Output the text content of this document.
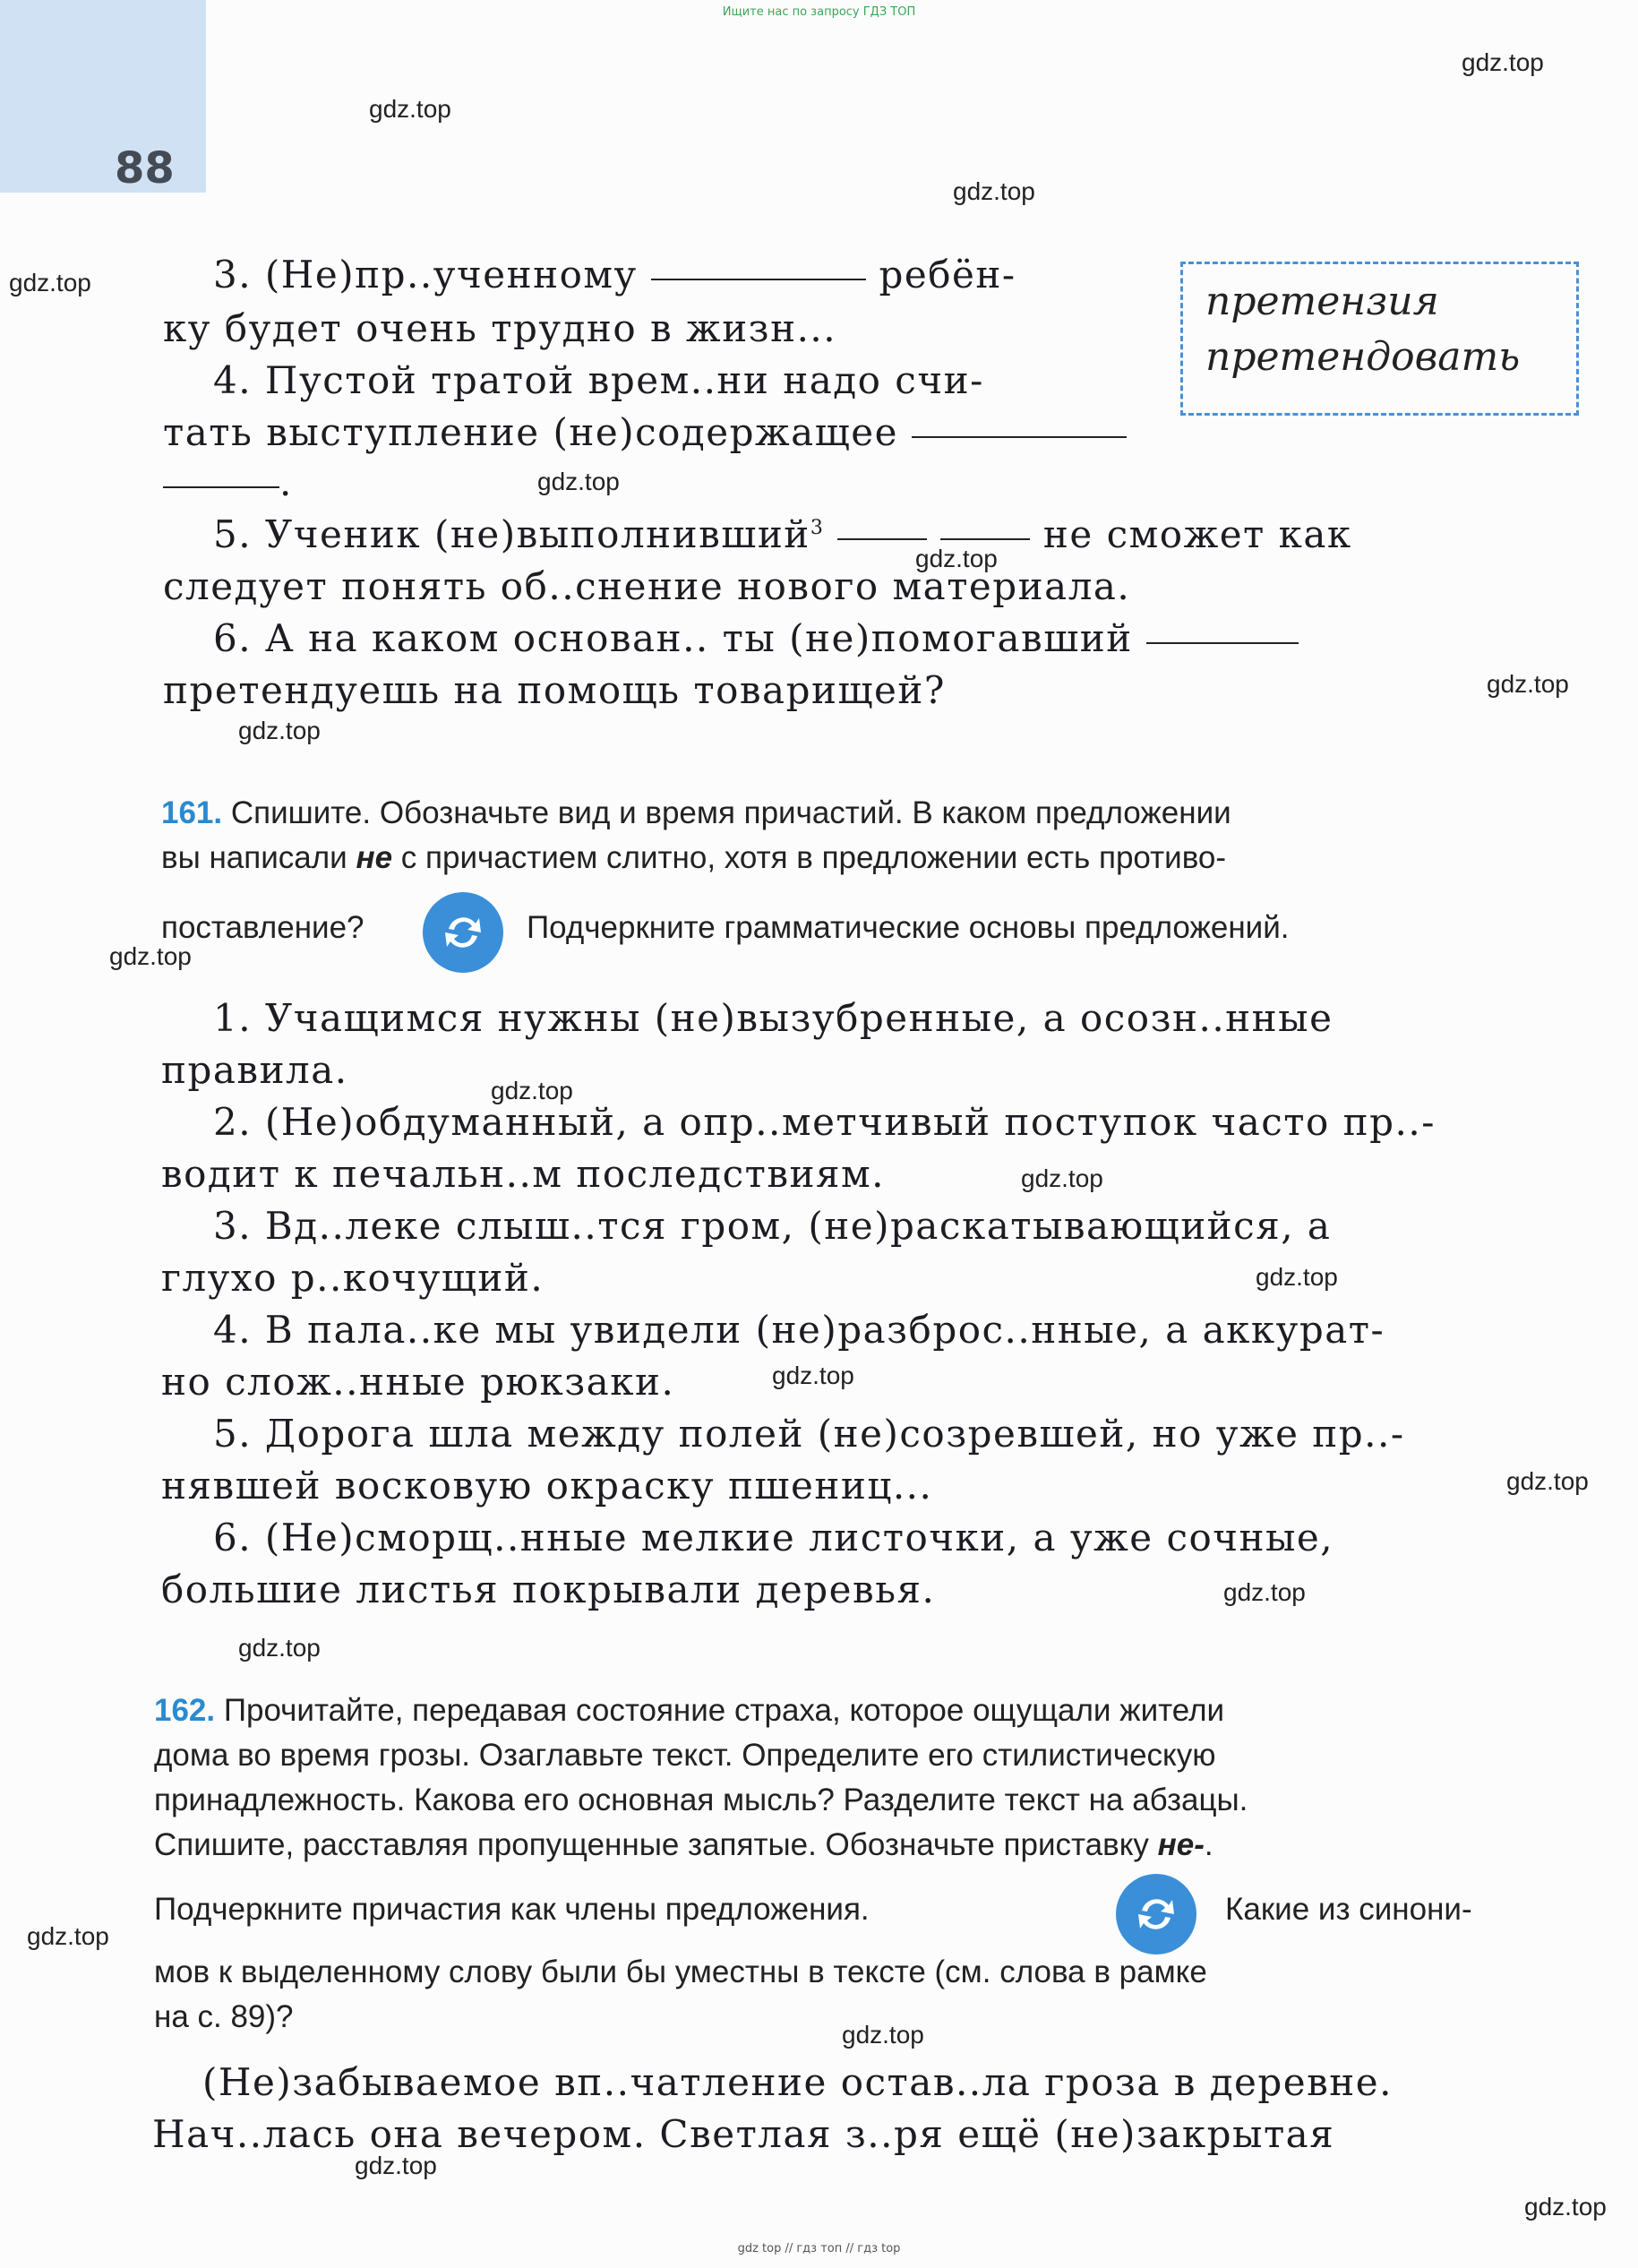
88
Ищите нас по запросу ГДЗ ТОП
gdz top // гдз топ // гдз top
gdz.top
gdz.top
gdz.top
gdz.top
gdz.top
gdz.top
gdz.top
gdz.top
gdz.top
gdz.top
gdz.top
gdz.top
gdz.top
gdz.top
gdz.top
gdz.top
gdz.top
gdz.top
gdz.top
gdz.top
претензия
претендовать
3. (Не)пр..ученному	ребён-
ку будет очень трудно в жизн...
4. Пустой тратой врем..ни надо счи-
тать выступление (не)содержащее
.
5. Ученик (не)выполнивший$^3$	не сможет как
следует понять об..снение нового материала.
6. А на каком основан.. ты (не)помогавший
претендуешь на помощь товарищей?
161. Спишите. Обозначьте вид и время причастий. В каком предложении
вы написали не с причастием слитно, хотя в предложении есть противо-
поставление?	Подчеркните грамматические основы предложений.
1. Учащимся нужны (не)вызубренные, а осозн..нные
правила.
2. (Не)обдуманный, а опр..метчивый поступок часто пр..-
водит к печальн..м последствиям.
3. Вд..леке слыш..тся гром, (не)раскатывающийся, а
глухо р..кочущий.
4. В пала..ке мы увидели (не)разброс..нные, а аккурат-
но слож..нные рюкзаки.
5. Дорога шла между полей (не)созревшей, но уже пр..-
нявшей восковую окраску пшениц...
6. (Не)сморщ..нные мелкие листочки, а уже сочные,
большие листья покрывали деревья.
162. Прочитайте, передавая состояние страха, которое ощущали жители
дома во время грозы. Озаглавьте текст. Определите его стилистическую
принадлежность. Какова его основная мысль? Разделите текст на абзацы.
Спишите, расставляя пропущенные запятые. Обозначьте приставку не-.
Подчеркните причастия как члены предложения.	Какие из синони-
мов к выделенному слову были бы уместны в тексте (см. слова в рамке
на с. 89)?
(Не)забываемое вп..чатление остав..ла гроза в деревне.
Нач..лась она вечером. Светлая з..ря ещё (не)закрытая
